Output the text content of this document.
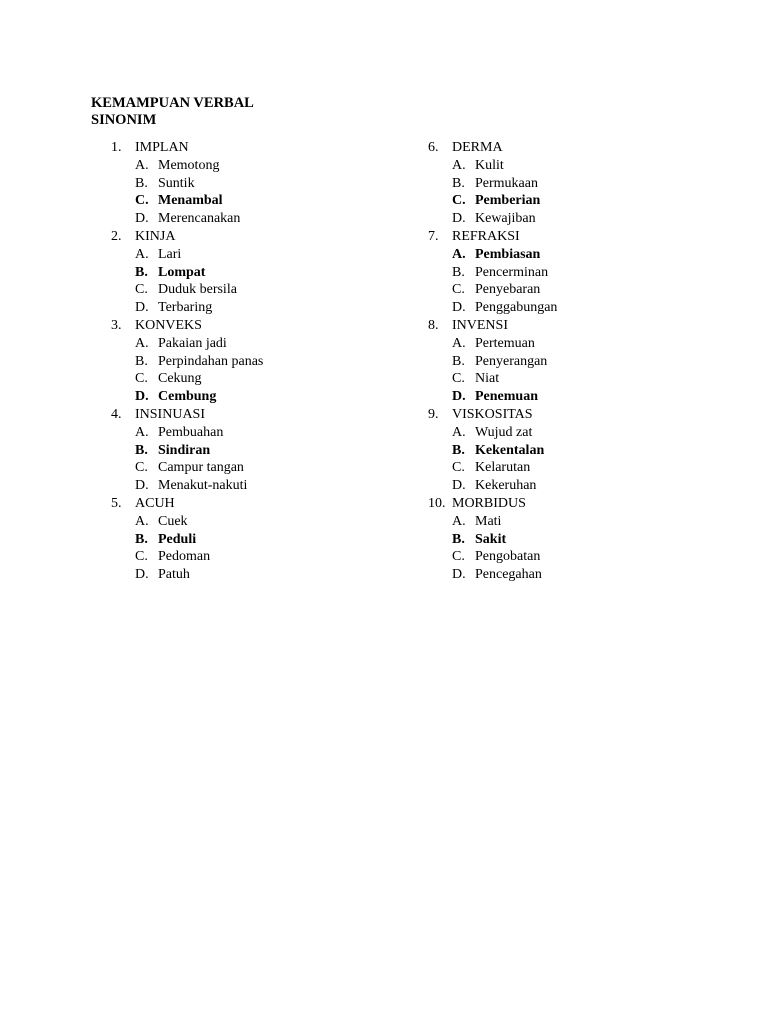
KEMAMPUAN VERBAL
SINONIM
1. IMPLAN
A. Memotong
B. Suntik
C. Menambal
D. Merencanakan
2. KINJA
A. Lari
B. Lompat
C. Duduk bersila
D. Terbaring
3. KONVEKS
A. Pakaian jadi
B. Perpindahan panas
C. Cekung
D. Cembung
4. INSINUASI
A. Pembuahan
B. Sindiran
C. Campur tangan
D. Menakut-nakuti
5. ACUH
A. Cuek
B. Peduli
C. Pedoman
D. Patuh
6. DERMA
A. Kulit
B. Permukaan
C. Pemberian
D. Kewajiban
7. REFRAKSI
A. Pembiasan
B. Pencerminan
C. Penyebaran
D. Penggabungan
8. INVENSI
A. Pertemuan
B. Penyerangan
C. Niat
D. Penemuan
9. VISKOSITAS
A. Wujud zat
B. Kekentalan
C. Kelarutan
D. Kekeruhan
10. MORBIDUS
A. Mati
B. Sakit
C. Pengobatan
D. Pencegahan
